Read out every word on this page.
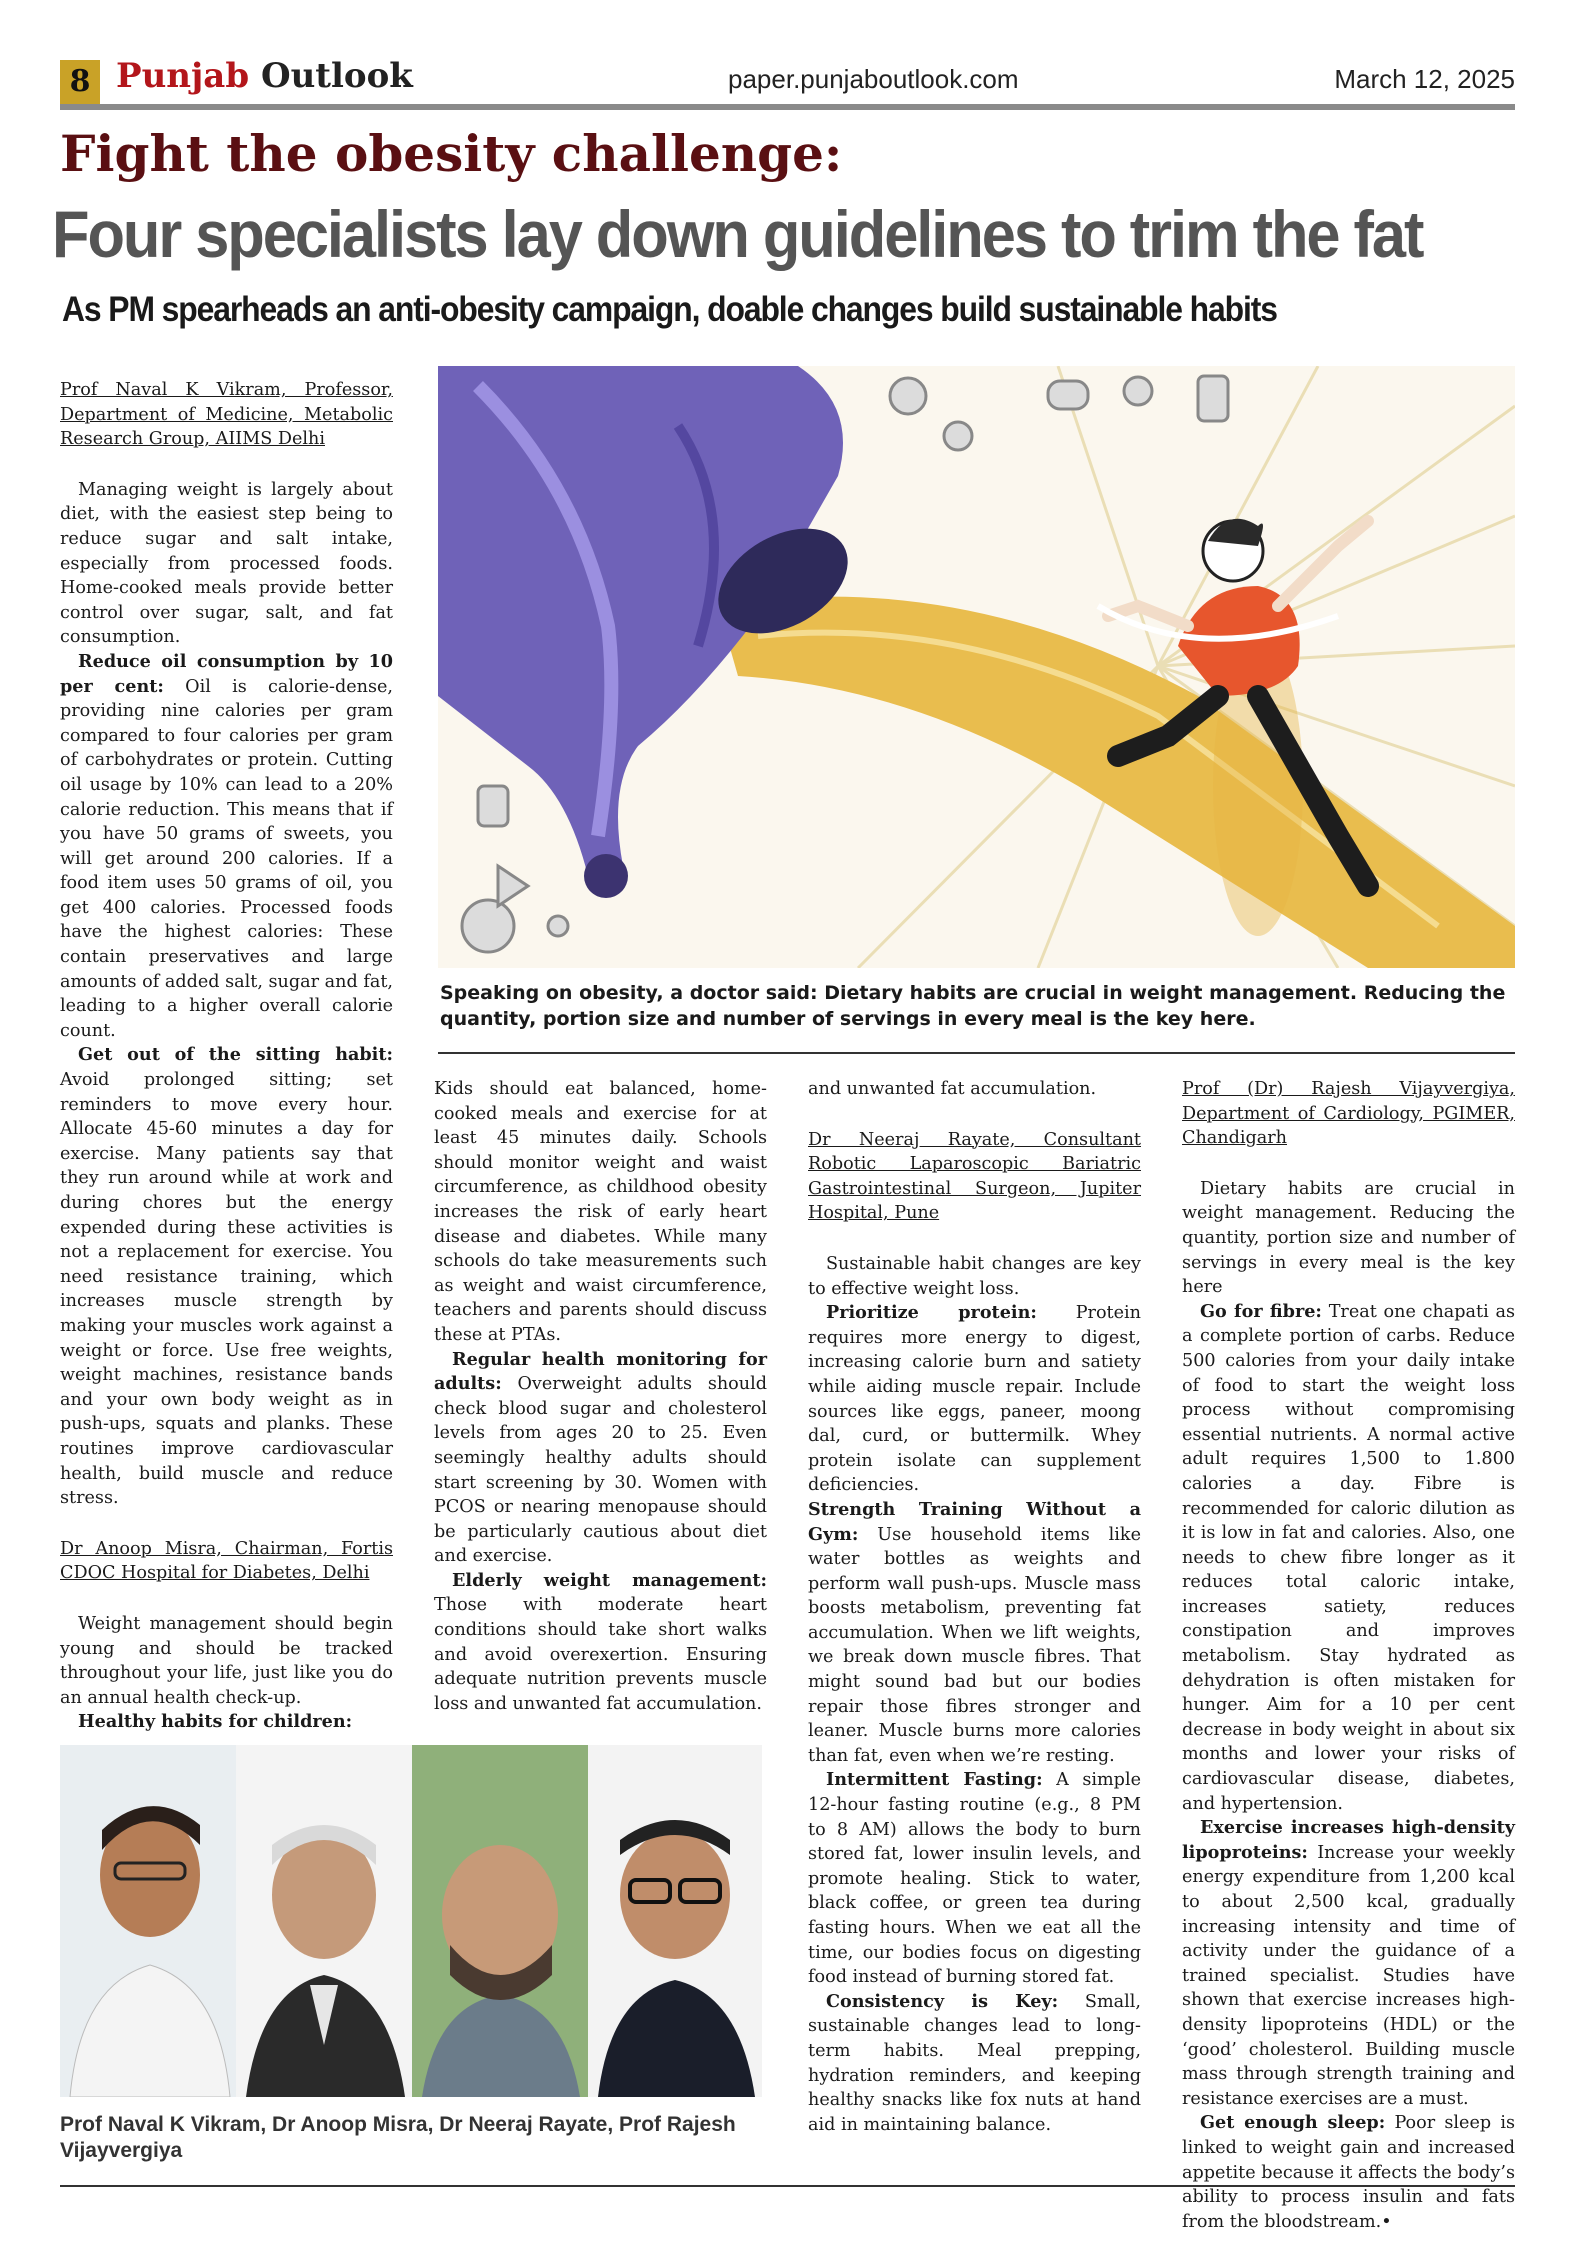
8 Punjab Outlook	paper.punjaboutlook.com	March 12, 2025
Fight the obesity challenge:
Four specialists lay down guidelines to trim the fat
As PM spearheads an anti-obesity campaign, doable changes build sustainable habits
Prof Naval K Vikram, Professor, Department of Medicine, Metabolic Research Group, AIIMS Delhi

Managing weight is largely about diet, with the easiest step being to reduce sugar and salt intake, especially from processed foods. Home-cooked meals provide better control over sugar, salt, and fat consumption.

Reduce oil consumption by 10 per cent: Oil is calorie-dense, providing nine calories per gram compared to four calories per gram of carbohydrates or protein. Cutting oil usage by 10% can lead to a 20% calorie reduction. This means that if you have 50 grams of sweets, you will get around 200 calories. If a food item uses 50 grams of oil, you get 400 calories. Processed foods have the highest calories: These contain preservatives and large amounts of added salt, sugar and fat, leading to a higher overall calorie count.

Get out of the sitting habit: Avoid prolonged sitting; set reminders to move every hour. Allocate 45-60 minutes a day for exercise. Many patients say that they run around while at work and during chores but the energy expended during these activities is not a replacement for exercise. You need resistance training, which increases muscle strength by making your muscles work against a weight or force. Use free weights, weight machines, resistance bands and your own body weight as in push-ups, squats and planks. These routines improve cardiovascular health, build muscle and reduce stress.

Dr Anoop Misra, Chairman, Fortis CDOC Hospital for Diabetes, Delhi

Weight management should begin young and should be tracked throughout your life, just like you do an annual health check-up.

Healthy habits for children:

Speaking on obesity, a doctor said: Dietary habits are crucial in weight management. Reducing the quantity, portion size and number of servings in every meal is the key here.

Kids should eat balanced, home-cooked meals and exercise for at least 45 minutes daily. Schools should monitor weight and waist circumference, as childhood obesity increases the risk of early heart disease and diabetes. While many schools do take measurements such as weight and waist circumference, teachers and parents should discuss these at PTAs.

Regular health monitoring for adults: Overweight adults should check blood sugar and cholesterol levels from ages 20 to 25. Even seemingly healthy adults should start screening by 30. Women with PCOS or nearing menopause should be particularly cautious about diet and exercise.

Elderly weight management: Those with moderate heart conditions should take short walks and avoid overexertion. Ensuring adequate nutrition prevents muscle loss and unwanted fat accumulation.

Prof Naval K Vikram, Dr Anoop Misra, Dr Neeraj Rayate, Prof Rajesh Vijayvergiya

and unwanted fat accumulation.

Dr Neeraj Rayate, Consultant Robotic Laparoscopic Bariatric Gastrointestinal Surgeon, Jupiter Hospital, Pune

Sustainable habit changes are key to effective weight loss.

Prioritize protein: Protein requires more energy to digest, increasing calorie burn and satiety while aiding muscle repair. Include sources like eggs, paneer, moong dal, curd, or buttermilk. Whey protein isolate can supplement deficiencies.

Strength Training Without a Gym: Use household items like water bottles as weights and perform wall push-ups. Muscle mass boosts metabolism, preventing fat accumulation. When we lift weights, we break down muscle fibres. That might sound bad but our bodies repair those fibres stronger and leaner. Muscle burns more calories than fat, even when we’re resting.

Intermittent Fasting: A simple 12-hour fasting routine (e.g., 8 PM to 8 AM) allows the body to burn stored fat, lower insulin levels, and promote healing. Stick to water, black coffee, or green tea during fasting hours. When we eat all the time, our bodies focus on digesting food instead of burning stored fat.

Consistency is Key: Small, sustainable changes lead to long-term habits. Meal prepping, hydration reminders, and keeping healthy snacks like fox nuts at hand aid in maintaining balance.

Prof (Dr) Rajesh Vijayvergiya, Department of Cardiology, PGIMER, Chandigarh

Dietary habits are crucial in weight management. Reducing the quantity, portion size and number of servings in every meal is the key here

Go for fibre: Treat one chapati as a complete portion of carbs. Reduce 500 calories from your daily intake of food to start the weight loss process without compromising essential nutrients. A normal active adult requires 1,500 to 1.800 calories a day. Fibre is recommended for caloric dilution as it is low in fat and calories. Also, one needs to chew fibre longer as it reduces total caloric intake, increases satiety, reduces constipation and improves metabolism. Stay hydrated as dehydration is often mistaken for hunger. Aim for a 10 per cent decrease in body weight in about six months and lower your risks of cardiovascular disease, diabetes, and hypertension.

Exercise increases high-density lipoproteins: Increase your weekly energy expenditure from 1,200 kcal to about 2,500 kcal, gradually increasing intensity and time of activity under the guidance of a trained specialist. Studies have shown that exercise increases high-density lipoproteins (HDL) or the ‘good’ cholesterol. Building muscle mass through strength training and resistance exercises are a must.

Get enough sleep: Poor sleep is linked to weight gain and increased appetite because it affects the body’s ability to process insulin and fats from the bloodstream.•
